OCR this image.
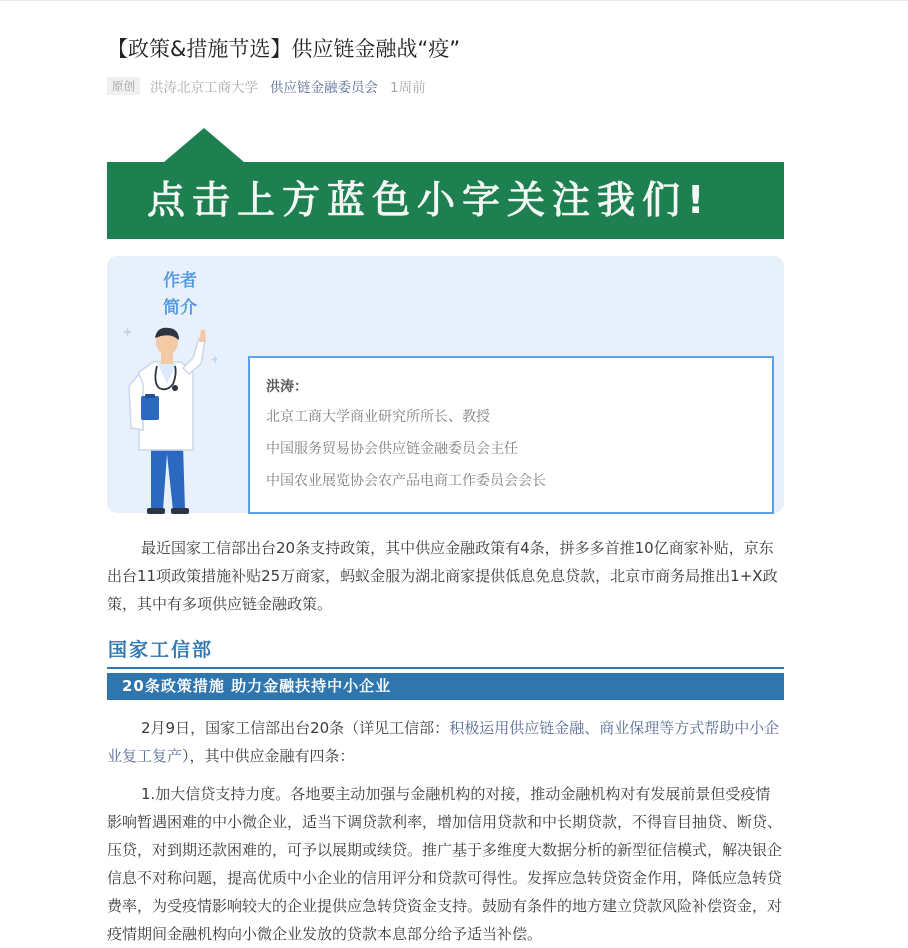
【政策&措施节选】供应链金融战“疫”
原创	洪涛北京工商大学 供应链金融委员会 1周前
点击上方蓝色小字关注我们!
作者
简介
洪涛：
北京工商大学商业研究所所长、教授
中国服务贸易协会供应链金融委员会主任
中国农业展览协会农产品电商工作委员会会长
最近国家工信部出台20条支持政策，其中供应金融政策有4条，拼多多首推10亿商家补贴，京东出台11项政策措施补贴25万商家，蚂蚁金服为湖北商家提供低息免息贷款，北京市商务局推出1+X政策，其中有多项供应链金融政策。
国家工信部
20条政策措施 助力金融扶持中小企业
2月9日，国家工信部出台20条（详见工信部：积极运用供应链金融、商业保理等方式帮助中小企业复工复产），其中供应金融有四条：
1.加大信贷支持力度。各地要主动加强与金融机构的对接，推动金融机构对有发展前景但受疫情影响暂遇困难的中小微企业，适当下调贷款利率，增加信用贷款和中长期贷款，不得盲目抽贷、断贷、压贷，对到期还款困难的，可予以展期或续贷。推广基于多维度大数据分析的新型征信模式，解决银企信息不对称问题，提高优质中小企业的信用评分和贷款可得性。发挥应急转贷资金作用，降低应急转贷费率，为受疫情影响较大的企业提供应急转贷资金支持。鼓励有条件的地方建立贷款风险补偿资金，对疫情期间金融机构向小微企业发放的贷款本息部分给予适当补偿。
